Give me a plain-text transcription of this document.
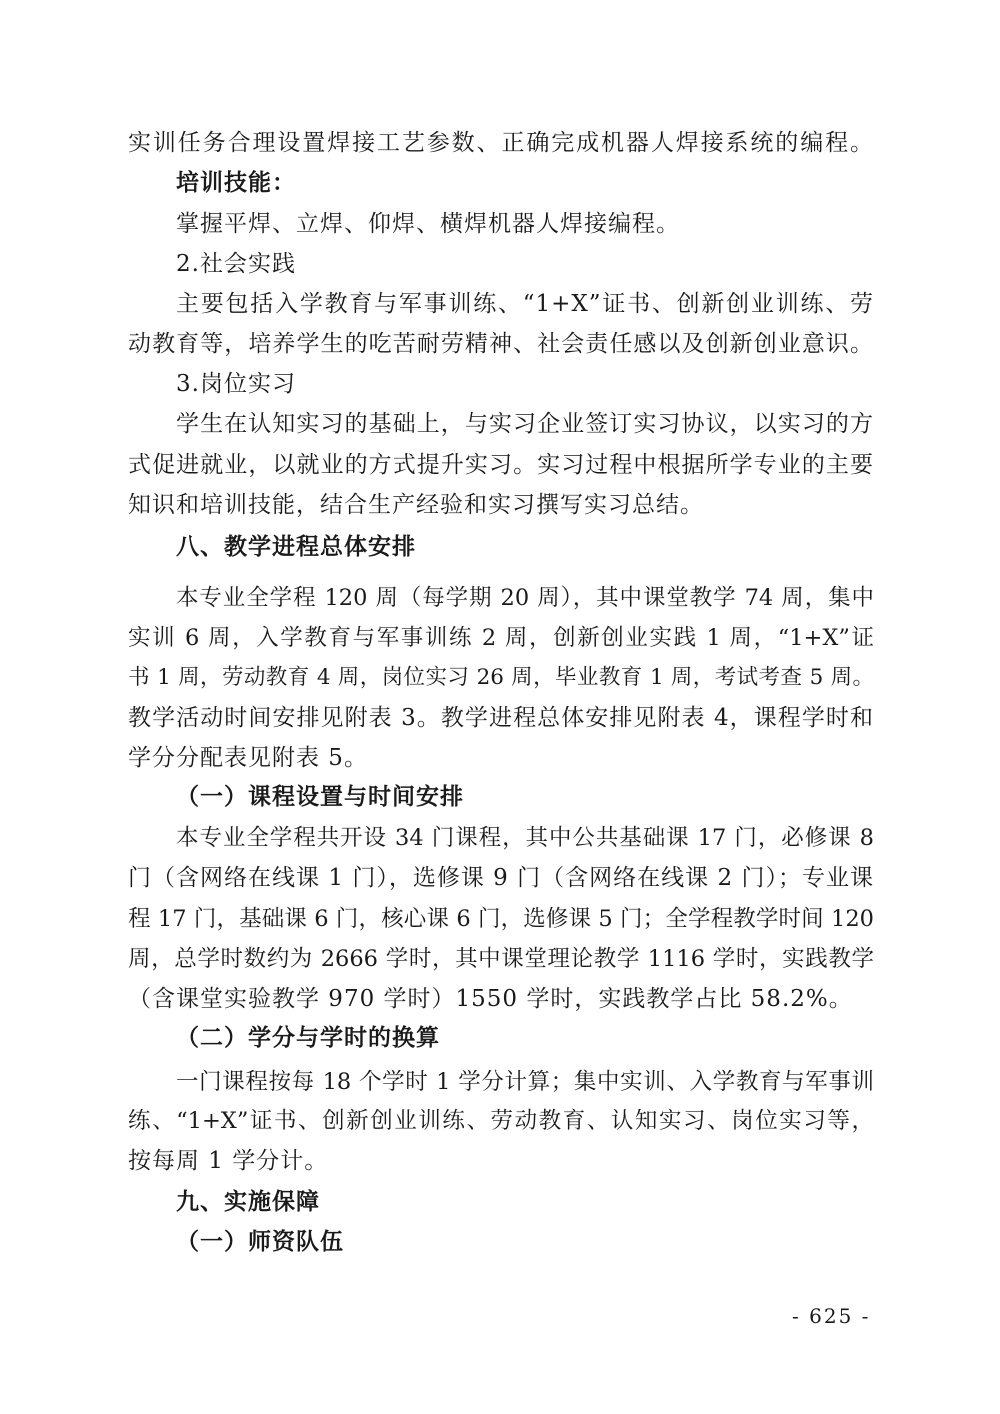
实训任务合理设置焊接工艺参数、正确完成机器人焊接系统的编程。
培训技能：
掌握平焊、立焊、仰焊、横焊机器人焊接编程。
2.社会实践
主要包括入学教育与军事训练、“1+X”证书、创新创业训练、劳
动教育等，培养学生的吃苦耐劳精神、社会责任感以及创新创业意识。
3.岗位实习
学生在认知实习的基础上，与实习企业签订实习协议，以实习的方
式促进就业，以就业的方式提升实习。实习过程中根据所学专业的主要
知识和培训技能，结合生产经验和实习撰写实习总结。
八、教学进程总体安排
本专业全学程 120 周（每学期 20 周），其中课堂教学 74 周，集中
实训 6 周，入学教育与军事训练 2 周，创新创业实践 1 周，“1+X”证
书 1 周，劳动教育 4 周，岗位实习 26 周，毕业教育 1 周，考试考查 5 周。
教学活动时间安排见附表 3。教学进程总体安排见附表 4，课程学时和
学分分配表见附表 5。
（一）课程设置与时间安排
本专业全学程共开设 34 门课程，其中公共基础课 17 门，必修课 8
门（含网络在线课 1 门），选修课 9 门（含网络在线课 2 门）；专业课
程 17 门，基础课 6 门，核心课 6 门，选修课 5 门；全学程教学时间 120
周，总学时数约为 2666 学时，其中课堂理论教学 1116 学时，实践教学
（含课堂实验教学 970 学时）1550 学时，实践教学占比 58.2%。
（二）学分与学时的换算
一门课程按每 18 个学时 1 学分计算；集中实训、入学教育与军事训
练、“1+X”证书、创新创业训练、劳动教育、认知实习、岗位实习等，
按每周 1 学分计。
九、实施保障
（一）师资队伍
- 625 -
